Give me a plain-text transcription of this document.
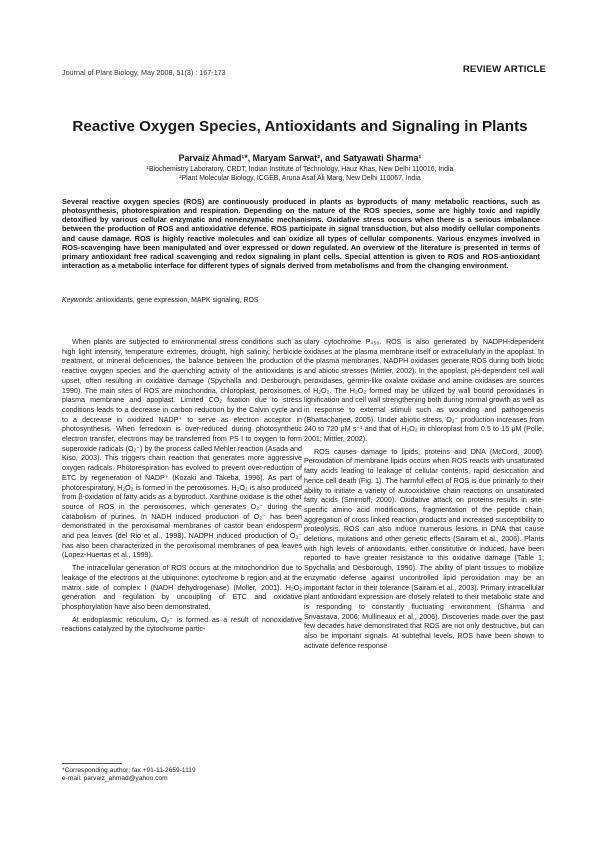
Journal of Plant Biology, May 2008, 51(3) : 167-173	REVIEW ARTICLE
Reactive Oxygen Species, Antioxidants and Signaling in Plants
Parvaiz Ahmad¹*, Maryam Sarwat², and Satyawati Sharma¹
¹Biochemistry Laboratory, CRDT, Indian Institute of Technology, Hauz Khas, New Delhi 110016, India
²Plant Molecular Biology, ICGEB, Aruna Asaf Ali Marg, New Delhi 110067, India
Several reactive oxygen species (ROS) are continuously produced in plants as byproducts of many metabolic reactions, such as photosynthesis, photorespiration and respiration. Depending on the nature of the ROS species, some are highly toxic and rapidly detoxified by various cellular enzymatic and nonenzymatic mechanisms. Oxidative stress occurs when there is a serious imbalance between the production of ROS and antioxidative defence. ROS participate in signal transduction, but also modify cellular components and cause damage. ROS is highly reactive molecules and can oxidize all types of cellular components. Various enzymes involved in ROS-scavenging have been manipulated and over expressed or down regulated. An overview of the literature is presented in terms of primary antioxidant free radical scavenging and redox signaling in plant cells. Special attention is given to ROS and ROS-antioxidant interaction as a metabolic interface for different types of signals derived from metabolisms and from the changing environment.
Keywords: antioxidants, gene expression, MAPK signaling, ROS

When plants are subjected to environmental stress conditions such as high light intensity, temperature extremes, drought, high salinity, herbicide treatment, or mineral deficiencies, the balance between the production of reactive oxygen species and the quenching activity of the antioxidants is upset, often resulting in oxidative damage (Spychalla and Desborough, 1990). The main sites of ROS are mitochondria, chloroplast, peroxisomes, plasma membrane and apoplast. Limited CO₂ fixation due to stress conditions leads to a decrease in carbon reduction by the Calvin cycle and to a decrease in oxidized NADP⁺ to serve as electron acceptor in photosynthesis. When ferredoxin is over-reduced during photosynthetic electron transfer, electrons may be transferred from PS I to oxygen to form superoxide radicals (O₂⁻) by the process called Mehler reaction (Asada and Kiso, 2003). This triggers chain reaction that generates more aggressive oxygen radicals. Photorespiration has evolved to prevent over-reduction of ETC by regeneration of NADP⁺ (Kozaki and Takeba, 1996). As part of photorespiratory, H₂O₂ is formed in the peroxisomes. H₂O₂ is also produced from β-oxidation of fatty acids as a byproduct. Xanthine oxidase is the other source of ROS in the peroxisomes, which generates O₂⁻ during the catabolism of purines. In NADH induced production of O₂⁻ has been demonstrated in the peroxisomal membranes of castor bean endosperm and pea leaves (del Rio et al., 1998). NADPH induced production of O₂⁻ has also been characterized in the peroxisomal membranes of pea leaves (Lopez-Huertas et al., 1999).

The intracellular generation of ROS occurs at the mitochondrion due to leakage of the electrons at the ubiquinone: cytochrome b region and at the matrix side of complex I (NADH dehydrogenase) (Moller, 2001). H₂O₂ generation and regulation by uncoupling of ETC and oxidative phosphorylation have also been demonstrated.

At endoplasmic reticulum, O₂⁻ is formed as a result of nonoxidative reactions catalyzed by the cytochrome partic-

ulary cytochrome P₄₅₀. ROS is also generated by NADPH-dependent oxidases at the plasma membrane itself or extracellularly in the apoplast. In the plasma membranes, NADPH oxidases generate ROS during both biotic and abiotic stresses (Mittler, 2002). In the apoplast, pH-dependent cell wall peroxidases, germin-like oxalate oxidase and amine oxidases are sources of H₂O₂. The H₂O₂ formed may be utilized by wall bound peroxidases in lignification and cell wall strengthening both during normal growth as well as in response to external stimuli such as wounding and pathogenesis (Bhattacharjee, 2005). Under abiotic stress, O₂⁻ production increases from 240 to 720 μM s⁻¹ and that of H₂O₂ in chloroplast from 0.5 to 15 μM (Polle, 2001; Mittler, 2002).

ROS causes damage to lipids, proteins and DNA (McCord, 2000). Peroxidation of membrane lipids occurs when ROS reacts with unsaturated fatty acids leading to leakage of cellular contents, rapid desiccation and hence cell death (Fig. 1). The harmful effect of ROS is due primarily to their ability to initiate a variety of autooxidative chain reactions on unsaturated fatty acids (Smirnoff, 2000). Oxidative attack on proteins results in site-specific amino acid modifications, fragmentation of the peptide chain, aggregation of cross linked reaction products and increased susceptibility to proteolysis. ROS can also induce numerous lesions in DNA that cause deletions, mutations and other genetic effects (Sairam et al., 2006). Plants with high levels of antioxidants, either constitutive or induced, have been reported to have greater resistance to this oxidative damage (Table 1; Spychalla and Desborough, 1990). The ability of plant tissues to mobilize enzymatic defense against uncontrolled lipid peroxidation may be an important factor in their tolerance (Sairam et al., 2003). Primary intracellular plant antioxidant expression are closely related to their metabolic state and is responding to constantly fluctuating environment (Sharma and Srivastava, 2006; Mullineaux et al., 2006). Discoveries made over the past few decades have demonstrated that ROS are not only destructive, but can also be important signals. At subtethal levels, ROS have been shown to activate defence response

*Corresponding author; fax +91-11-2659-1119
e-mail: parvaiz_ahmad@yahoo.com
